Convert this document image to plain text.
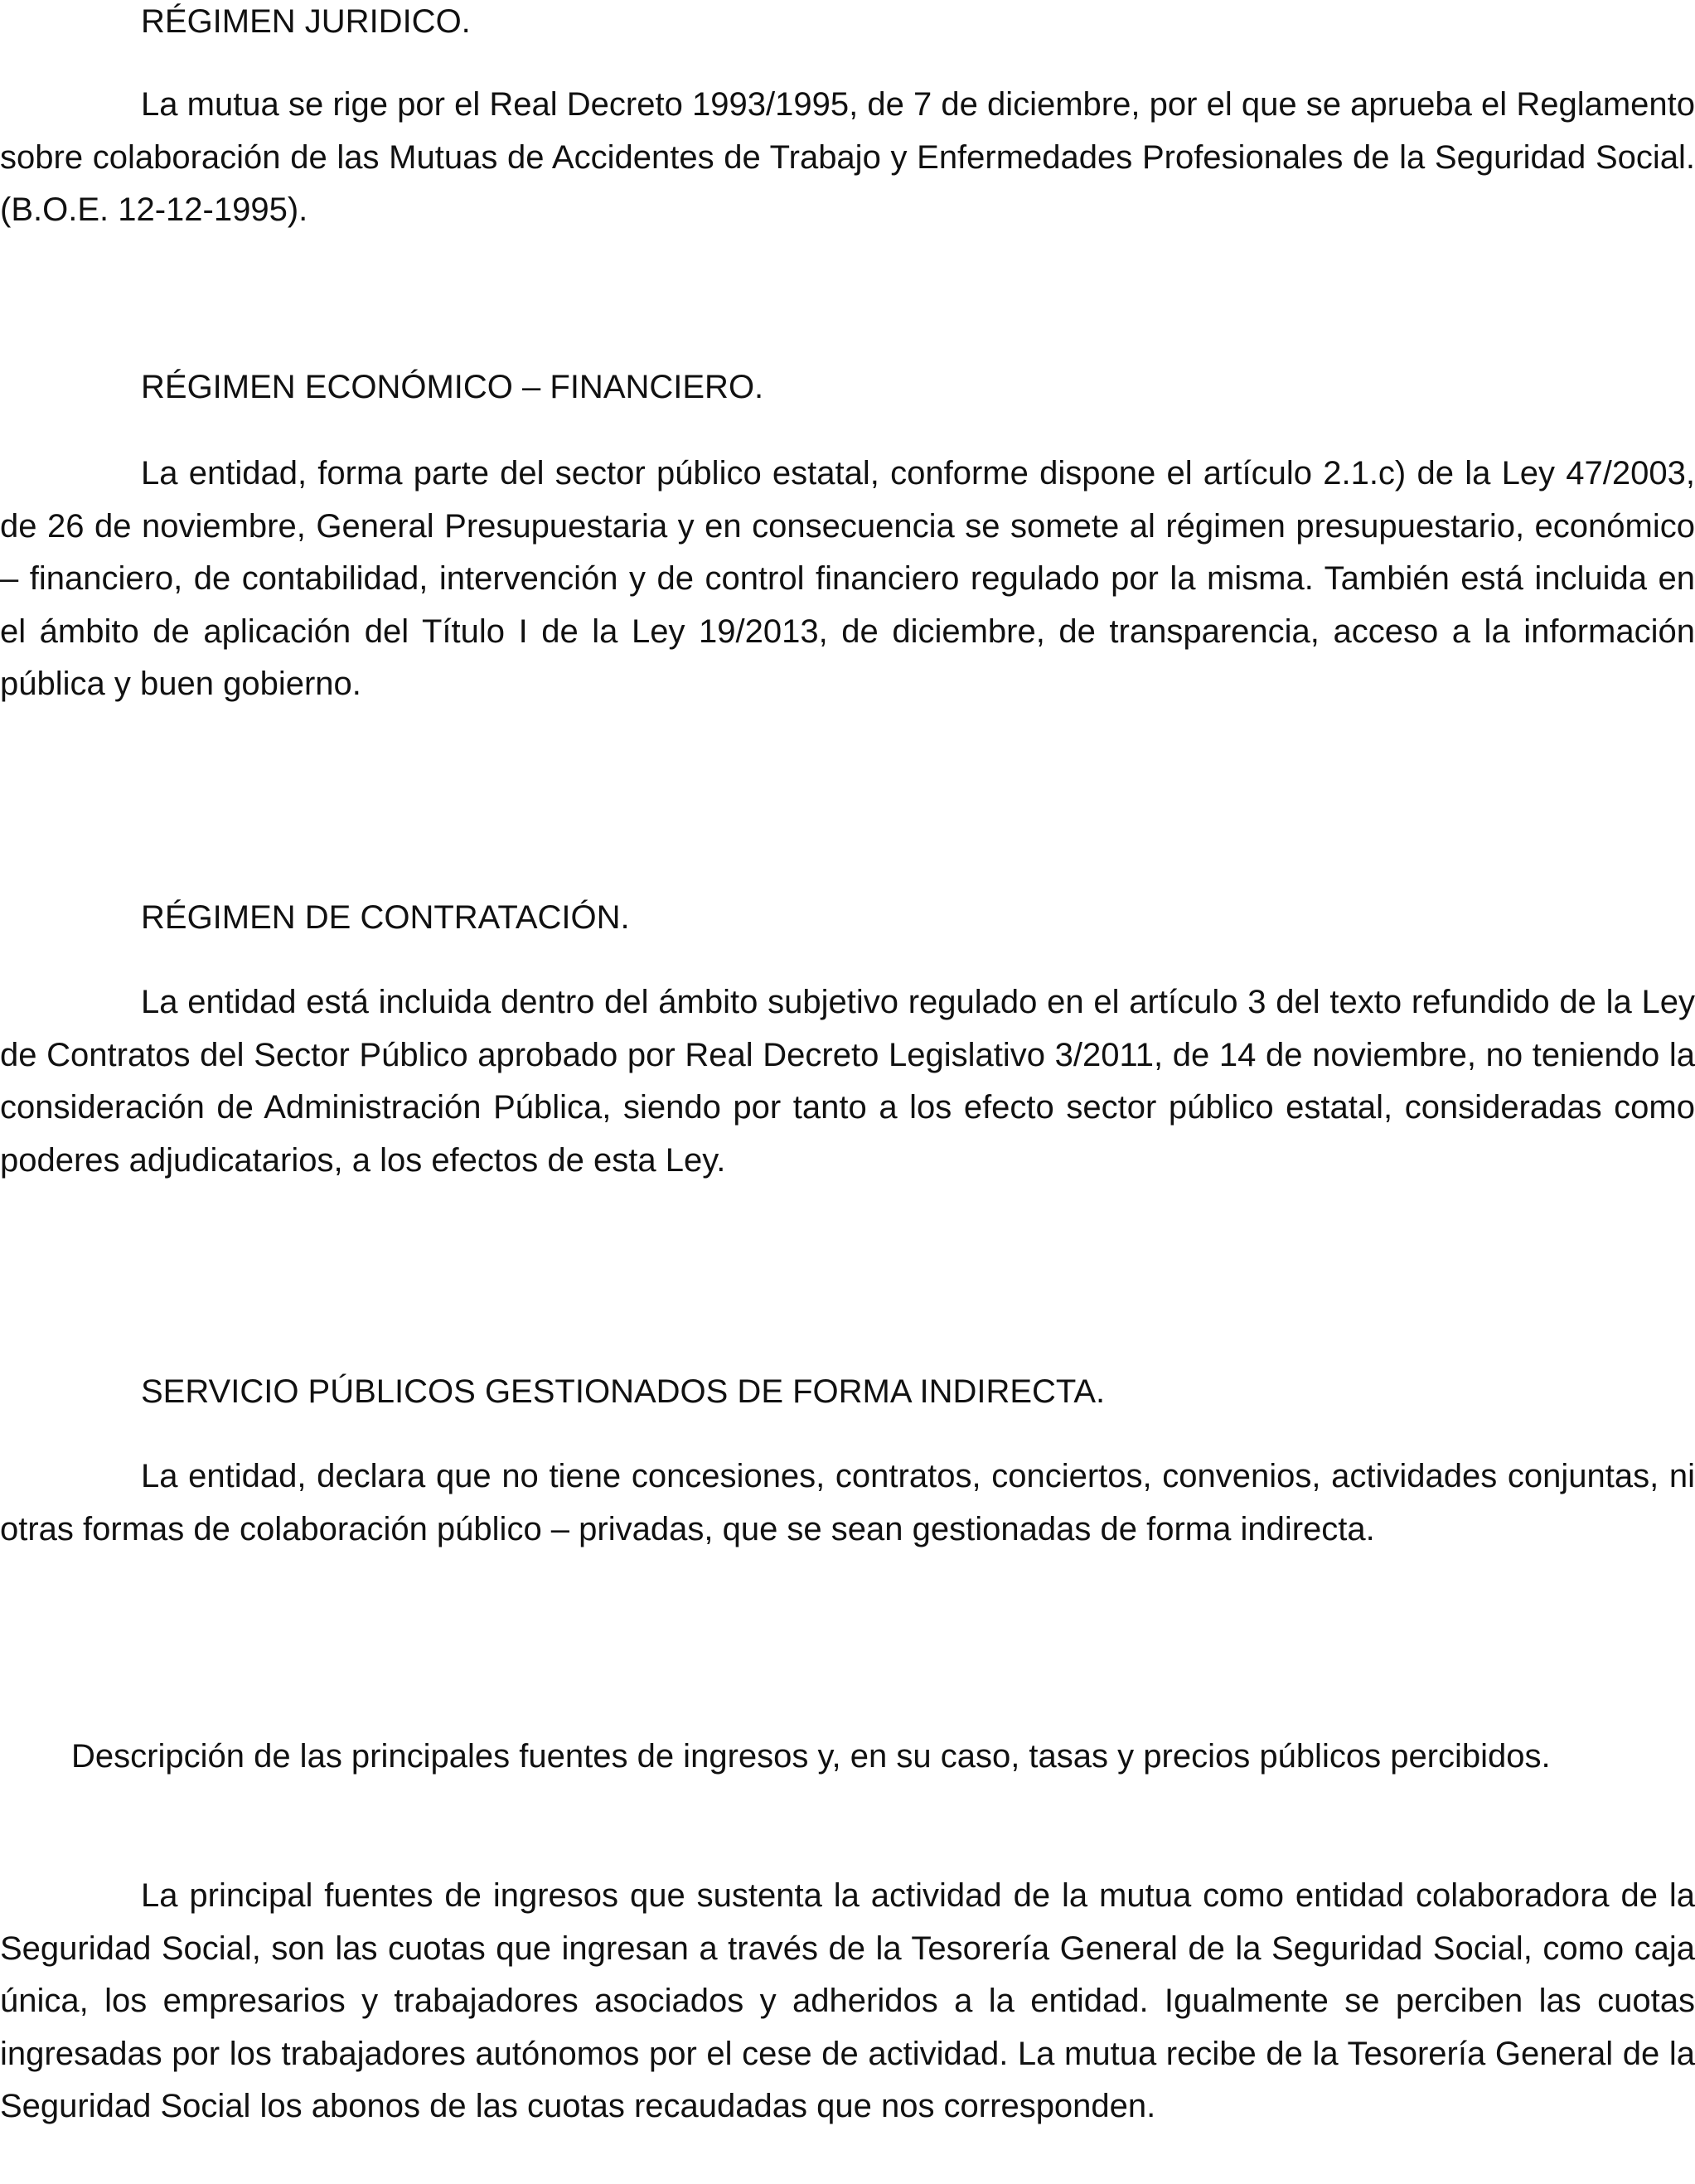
RÉGIMEN JURIDICO.

La mutua se rige por el Real Decreto 1993/1995, de 7 de diciembre, por el que se aprueba el Reglamento sobre colaboración de las Mutuas de Accidentes de Trabajo y Enfermedades Profesionales de la Seguridad Social. (B.O.E. 12-12-1995).

RÉGIMEN ECONÓMICO – FINANCIERO.

La entidad, forma parte del sector público estatal, conforme dispone el artículo 2.1.c) de la Ley 47/2003, de 26 de noviembre, General Presupuestaria y en consecuencia se somete al régimen presupuestario, económico – financiero, de contabilidad, intervención y de control financiero regulado por la misma. También está incluida en el ámbito de aplicación del Título I de la Ley 19/2013, de diciembre, de transparencia, acceso a la información pública y buen gobierno.

RÉGIMEN DE CONTRATACIÓN.

La entidad está incluida dentro del ámbito subjetivo regulado en el artículo 3 del texto refundido de la Ley de Contratos del Sector Público aprobado por Real Decreto Legislativo 3/2011, de 14 de noviembre, no teniendo la consideración de Administración Pública, siendo por tanto a los efecto sector público estatal, consideradas como poderes adjudicatarios, a los efectos de esta Ley.

SERVICIO PÚBLICOS GESTIONADOS DE FORMA INDIRECTA.

La entidad, declara que no tiene concesiones, contratos, conciertos, convenios, actividades conjuntas, ni otras formas de colaboración público – privadas, que se sean gestionadas de forma indirecta.

Descripción de las principales fuentes de ingresos y, en su caso, tasas y precios públicos percibidos.

La principal fuentes de ingresos que sustenta la actividad de la mutua como entidad colaboradora de la Seguridad Social, son las cuotas que ingresan a través de la Tesorería General de la Seguridad Social, como caja única, los empresarios y trabajadores asociados y adheridos a la entidad. Igualmente se perciben las cuotas ingresadas por los trabajadores autónomos por el cese de actividad. La mutua recibe de la Tesorería General de la Seguridad Social los abonos de las cuotas recaudadas que nos corresponden.
